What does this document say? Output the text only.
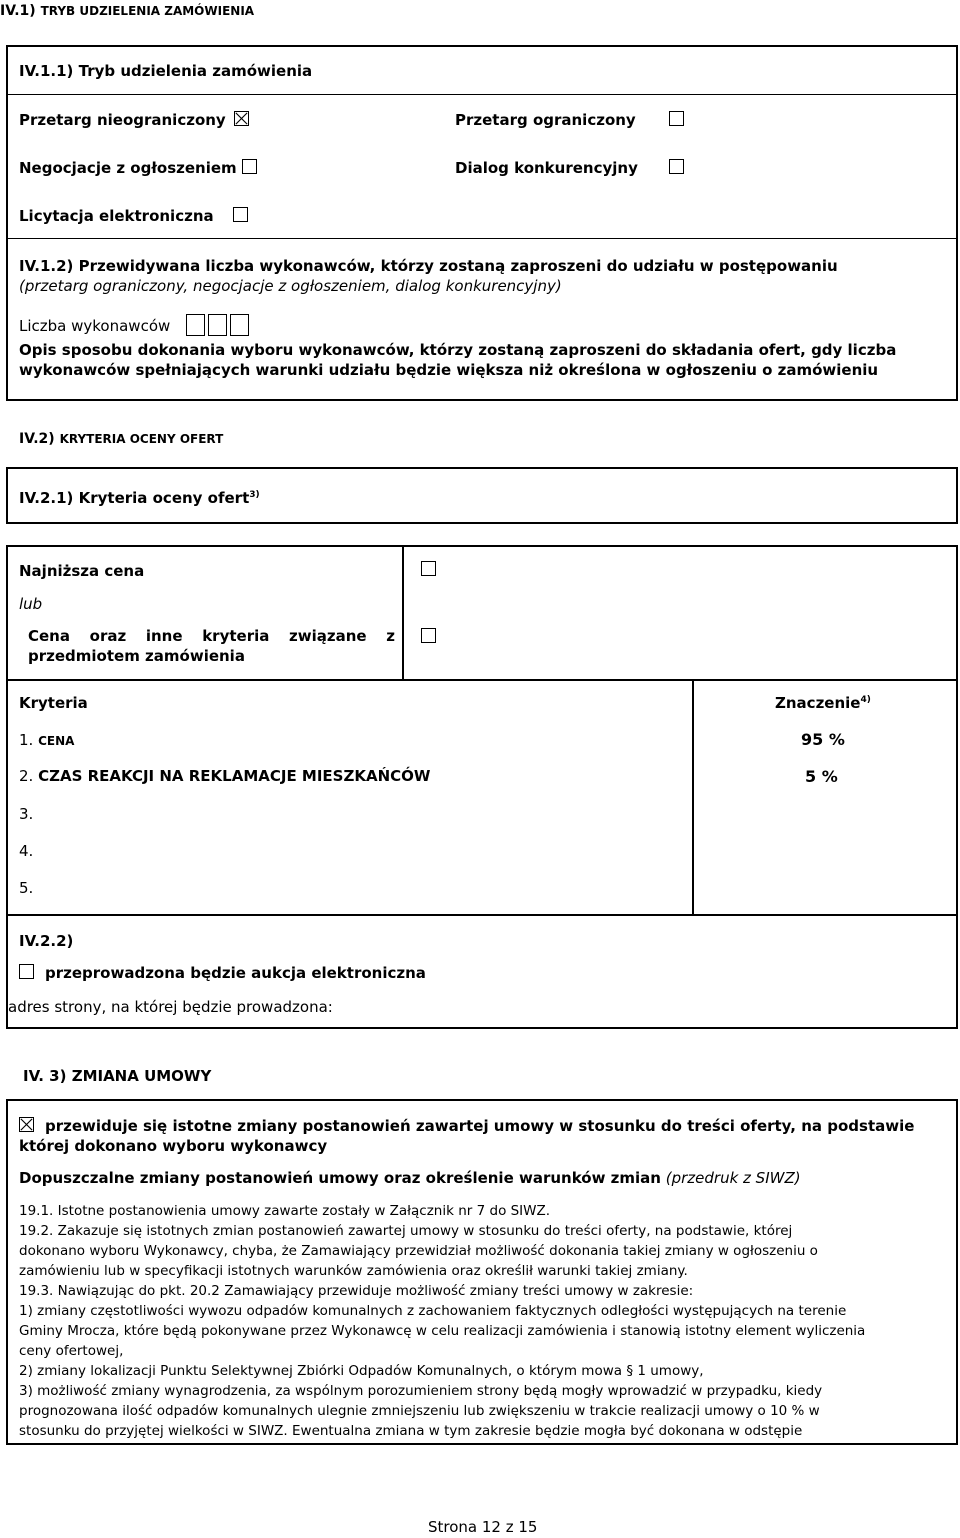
IV.1) TRYB UDZIELENIA ZAMÓWIENIA
IV.1.1) Tryb udzielenia zamówienia
Przetarg nieograniczony	Przetarg ograniczony
Negocjacje z ogłoszeniem	Dialog konkurencyjny
Licytacja elektroniczna
IV.1.2) Przewidywana liczba wykonawców, którzy zostaną zaproszeni do udziału w postępowaniu
(przetarg ograniczony, negocjacje z ogłoszeniem, dialog konkurencyjny)
Liczba wykonawców
Opis sposobu dokonania wyboru wykonawców, którzy zostaną zaproszeni do składania ofert, gdy liczba
wykonawców spełniających warunki udziału będzie większa niż określona w ogłoszeniu o zamówieniu
IV.2) KRYTERIA OCENY OFERT
IV.2.1) Kryteria oceny ofert$^{3)}$
Najniższa cena
lub
Cena oraz inne kryteria związane z
przedmiotem zamówienia
Kryteria	Znaczenie$^{4)}$
1. CENA	95 %
2. CZAS REAKCJI NA REKLAMACJE MIESZKAŃCÓW	5 %
3.
4.
5.
IV.2.2)
przeprowadzona będzie aukcja elektroniczna
adres strony, na której będzie prowadzona:
IV. 3) ZMIANA UMOWY
przewiduje się istotne zmiany postanowień zawartej umowy w stosunku do treści oferty, na podstawie
której dokonano wyboru wykonawcy
Dopuszczalne zmiany postanowień umowy oraz określenie warunków zmian (przedruk z SIWZ)
19.1. Istotne postanowienia umowy zawarte zostały w Załącznik nr 7 do SIWZ.
19.2. Zakazuje się istotnych zmian postanowień zawartej umowy w stosunku do treści oferty, na podstawie, której
dokonano wyboru Wykonawcy, chyba, że Zamawiający przewidział możliwość dokonania takiej zmiany w ogłoszeniu o
zamówieniu lub w specyfikacji istotnych warunków zamówienia oraz określił warunki takiej zmiany.
19.3. Nawiązując do pkt. 20.2 Zamawiający przewiduje możliwość zmiany treści umowy w zakresie:
1) zmiany częstotliwości wywozu odpadów komunalnych z zachowaniem faktycznych odległości występujących na terenie
Gminy Mrocza, które będą pokonywane przez Wykonawcę w celu realizacji zamówienia i stanowią istotny element wyliczenia
ceny ofertowej,
2) zmiany lokalizacji Punktu Selektywnej Zbiórki Odpadów Komunalnych, o którym mowa § 1 umowy,
3) możliwość zmiany wynagrodzenia, za wspólnym porozumieniem strony będą mogły wprowadzić w przypadku, kiedy
prognozowana ilość odpadów komunalnych ulegnie zmniejszeniu lub zwiększeniu w trakcie realizacji umowy o 10 % w
stosunku do przyjętej wielkości w SIWZ. Ewentualna zmiana w tym zakresie będzie mogła być dokonana w odstępie
Strona 12 z 15
